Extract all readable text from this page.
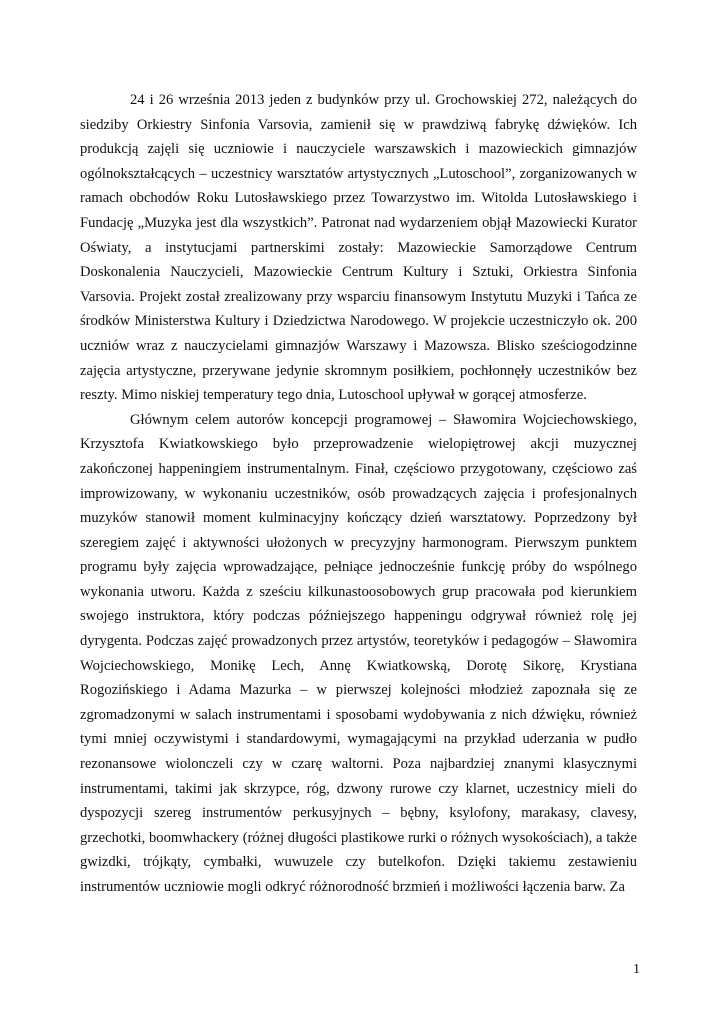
24 i 26 września 2013 jeden z budynków przy ul. Grochowskiej 272, należących do siedziby Orkiestry Sinfonia Varsovia, zamienił się w prawdziwą fabrykę dźwięków. Ich produkcją zajęli się uczniowie i nauczyciele warszawskich i mazowieckich gimnazjów ogólnokształcących – uczestnicy warsztatów artystycznych „Lutoschool”, zorganizowanych w ramach obchodów Roku Lutosławskiego przez Towarzystwo im. Witolda Lutosławskiego i Fundację „Muzyka jest dla wszystkich”. Patronat nad wydarzeniem objął Mazowiecki Kurator Oświaty, a instytucjami partnerskimi zostały: Mazowieckie Samorządowe Centrum Doskonalenia Nauczycieli, Mazowieckie Centrum Kultury i Sztuki, Orkiestra Sinfonia Varsovia. Projekt został zrealizowany przy wsparciu finansowym Instytutu Muzyki i Tańca ze środków Ministerstwa Kultury i Dziedzictwa Narodowego. W projekcie uczestniczyło ok. 200 uczniów wraz z nauczycielami gimnazjów Warszawy i Mazowsza. Blisko sześciogodzinne zajęcia artystyczne, przerywane jedynie skromnym posiłkiem, pochłonnęły uczestników bez reszty. Mimo niskiej temperatury tego dnia, Lutoschool upływał w gorącej atmosferze.

Głównym celem autorów koncepcji programowej – Sławomira Wojciechowskiego, Krzysztofa Kwiatkowskiego było przeprowadzenie wielopiętrowej akcji muzycznej zakończonej happeningiem instrumentalnym. Finał, częściowo przygotowany, częściowo zaś improwizowany, w wykonaniu uczestników, osób prowadzących zajęcia i profesjonalnych muzyków stanowił moment kulminacyjny kończący dzień warsztatowy. Poprzedzony był szeregiem zajęć i aktywności ułożonych w precyzyjny harmonogram. Pierwszym punktem programu były zajęcia wprowadzające, pełniące jednocześnie funkcję próby do wspólnego wykonania utworu. Każda z sześciu kilkunastoosobowych grup pracowała pod kierunkiem swojego instruktora, który podczas późniejszego happeningu odgrywał również rolę jej dyrygenta. Podczas zajęć prowadzonych przez artystów, teoretyków i pedagogów – Sławomira Wojciechowskiego, Monikę Lech, Annę Kwiatkowską, Dorotę Sikorę, Krystiana Rogozińskiego i Adama Mazurka – w pierwszej kolejności młodzież zapoznała się ze zgromadzonymi w salach instrumentami i sposobami wydobywania z nich dźwięku, również tymi mniej oczywistymi i standardowymi, wymagającymi na przykład uderzania w pudło rezonansowe wiolonczeli czy w czarę waltorni. Poza najbardziej znanymi klasycznymi instrumentami, takimi jak skrzypce, róg, dzwony rurowe czy klarnet, uczestnicy mieli do dyspozycji szereg instrumentów perkusyjnych – bębny, ksylofony, marakasy, clavesy, grzechotki, boomwhackery (różnej długości plastikowe rurki o różnych wysokościach), a także gwizdki, trójkąty, cymbałki, wuwuzele czy butelkofon. Dzięki takiemu zestawieniu instrumentów uczniowie mogli odkryć różnorodność brzmień i możliwości łączenia barw. Za

1
